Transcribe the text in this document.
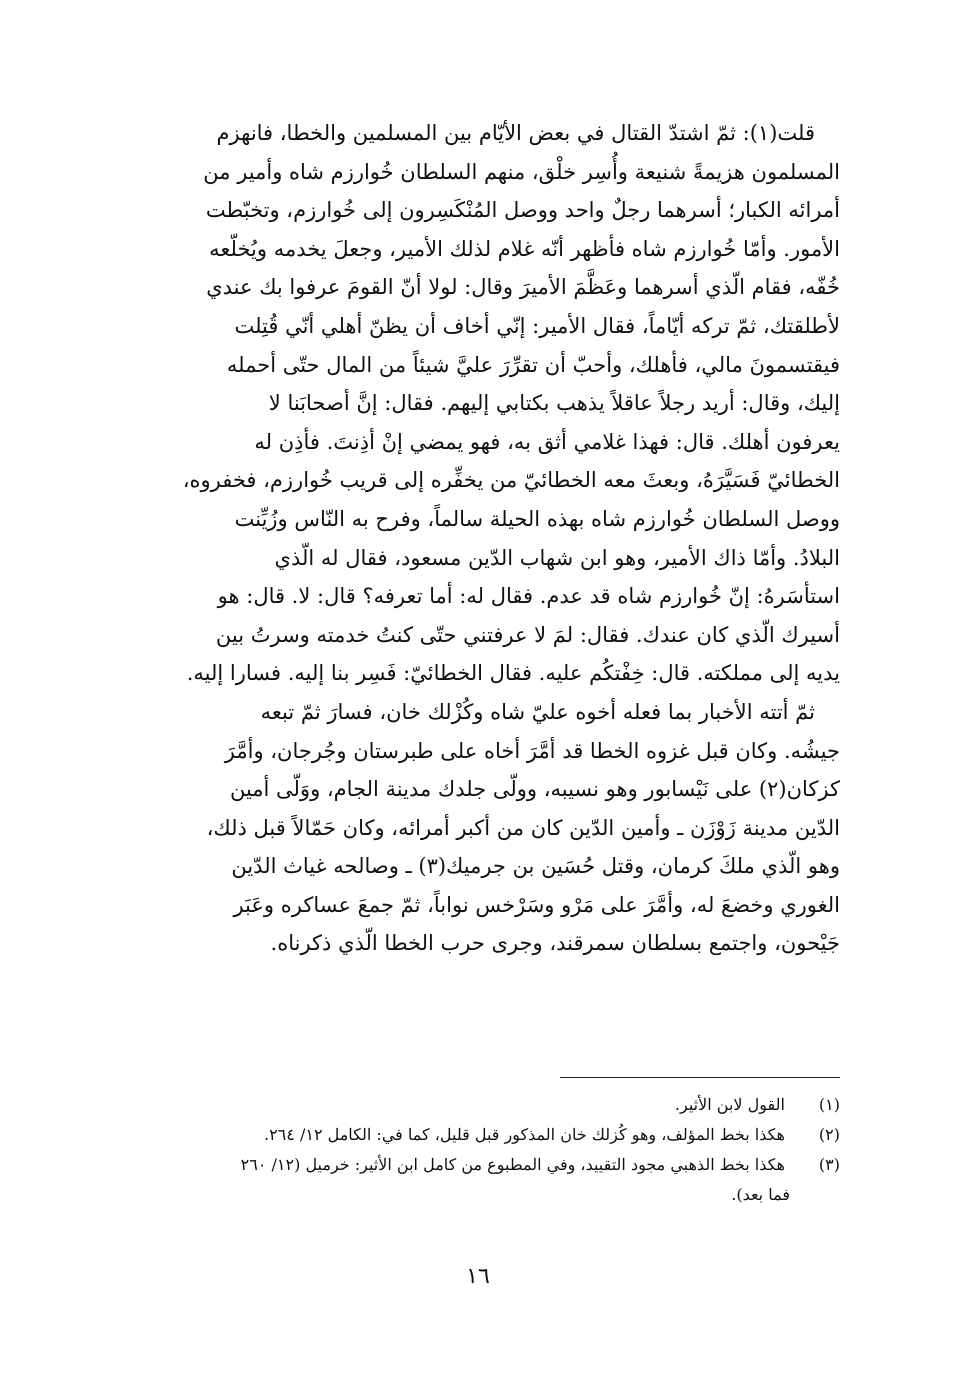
قلت(١): ثمّ اشتدّ القتال في بعض الأيّام بين المسلمين والخطا، فانهزم
المسلمون هزيمةً شنيعة وأُسِر خلْق، منهم السلطان خُوارزم شاه وأمير من
أمرائه الكبار؛ أسرهما رجلٌ واحد ووصل المُنْكَسِرون إلى خُوارزم، وتخبّطت
الأمور. وأمّا خُوارزم شاه فأظهر أنّه غلام لذلك الأمير، وجعلَ يخدمه ويُخلّعه
خُفّه، فقام الّذي أسرهما وعَظَّمَ الأميرَ وقال: لولا أنّ القومَ عرفوا بك عندي
لأطلقتك، ثمّ تركه أيّاماً، فقال الأمير: إنّي أخاف أن يظنّ أهلي أنّي قُتِلت
فيقتسمونَ مالي، فأهلك، وأحبّ أن تقرِّرَ عليَّ شيئاً من المال حتّى أحمله
إليك، وقال: أريد رجلاً عاقلاً يذهب بكتابي إليهم. فقال: إنَّ أصحابَنا لا
يعرفون أهلك. قال: فهذا غلامي أثق به، فهو يمضي إنْ أذِنتَ. فأذِن له
الخطائيّ فَسَيَّرَهُ، وبعثَ معه الخطائيّ من يخفِّره إلى قريب خُوارزم، فخفروه،
ووصل السلطان خُوارزم شاه بهذه الحيلة سالماً، وفرح به النّاس وزُيِّنت
البلادُ. وأمّا ذاك الأمير، وهو ابن شهاب الدّين مسعود، فقال له الّذي
استأسَرهُ: إنّ خُوارزم شاه قد عدم. فقال له: أما تعرفه؟ قال: لا. قال: هو
أسيرك الّذي كان عندك. فقال: لمَ لا عرفتني حتّى كنتُ خدمته وسرتُ بين
يديه إلى مملكته. قال: خِفْتكُم عليه. فقال الخطائيّ: فَسِر بنا إليه. فسارا إليه.
ثمّ أتته الأخبار بما فعله أخوه عليّ شاه وكُزْلك خان، فسارَ ثمّ تبعه
جيشُه. وكان قبل غزوه الخطا قد أمَّرَ أخاه على طبرستان وجُرجان، وأمَّرَ
كزكان(٢) على نَيْسابور وهو نسيبه، وولّى جلدك مدينة الجام، ووَلّى أمين
الدّين مدينة زَوْزَن ـ وأمين الدّين كان من أكبر أمرائه، وكان حَمّالاً قبل ذلك،
وهو الّذي ملكَ كرمان، وقتل حُسَين بن جرميك(٣) ـ وصالحه غياث الدّين
الغوري وخضعَ له، وأمَّرَ على مَرْو وسَرْخس نواباً، ثمّ جمعَ عساكره وعَبَر
جَيْحون، واجتمع بسلطان سمرقند، وجرى حرب الخطا الّذي ذكرناه.
(١) القول لابن الأثير.
(٢) هكذا بخط المؤلف، وهو كُزلك خان المذكور قبل قليل، كما في: الكامل ١٢/ ٢٦٤.
(٣) هكذا بخط الذهبي مجود التقييد، وفي المطبوع من كامل ابن الأثير: خرميل (١٢/ ٢٦٠
فما بعد).
١٦
